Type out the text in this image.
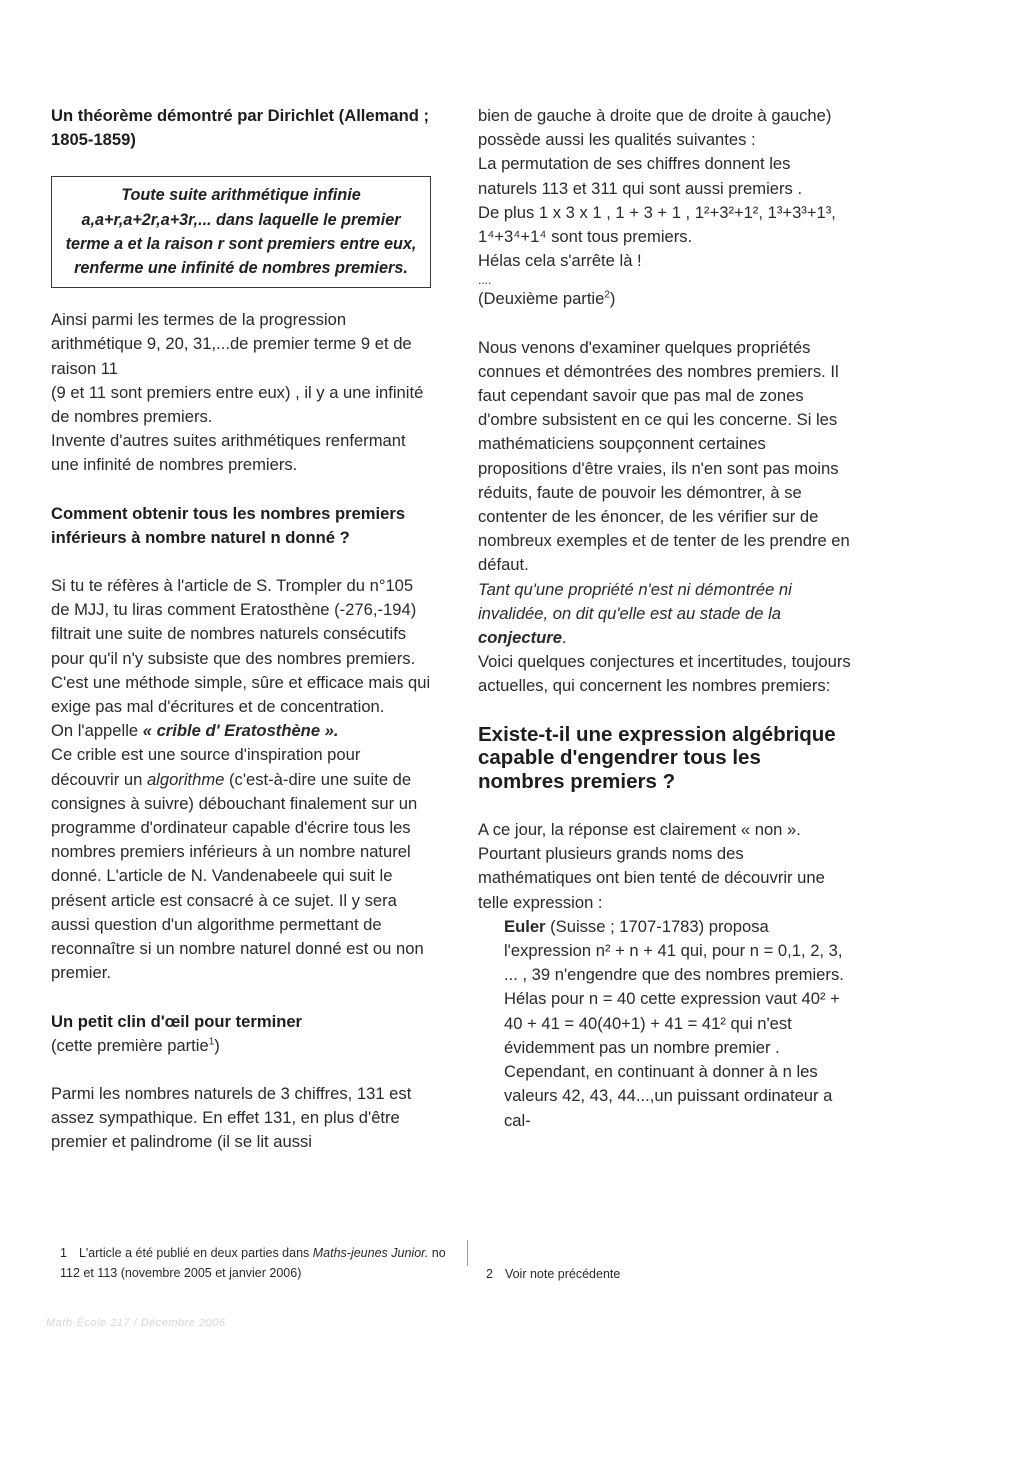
Un théorème démontré par Dirichlet (Allemand ; 1805-1859)

Toute suite arithmétique infinie
a,a+r,a+2r,a+3r,... dans laquelle le premier
terme a et la raison r sont premiers entre eux,
renferme une infinité de nombres premiers.

Ainsi parmi les termes de la progression arithmétique 9, 20, 31,...de premier terme 9 et de raison 11

(9 et 11 sont premiers entre eux) , il y a une infinité de nombres premiers.

Invente d'autres suites arithmétiques renfermant une infinité de nombres premiers.

Comment obtenir tous les nombres premiers inférieurs à nombre naturel n donné ?

Si tu te réfères à l'article de S. Trompler du n°105 de MJJ, tu liras comment Eratosthène (-276,-194) filtrait une suite de nombres naturels consécutifs pour qu'il n'y subsiste que des nombres premiers. C'est une méthode simple, sûre et efficace mais qui exige pas mal d'écritures et de concentration.

On l'appelle « crible d' Eratosthène ».

Ce crible est une source d'inspiration pour découvrir un algorithme (c'est-à-dire une suite de consignes à suivre) débouchant finalement sur un programme d'ordinateur capable d'écrire tous les nombres premiers inférieurs à un nombre naturel donné. L'article de N. Vandenabeele qui suit le présent article est consacré à ce sujet. Il y sera aussi question d'un algorithme permettant de reconnaître si un nombre naturel donné est ou non premier.

Un petit clin d'œil pour terminer

(cette première partie$^1$)

Parmi les nombres naturels de 3 chiffres, 131 est assez sympathique. En effet 131, en plus d'être premier et palindrome (il se lit aussi

bien de gauche à droite que de droite à gauche) possède aussi les qualités suivantes :

La permutation de ses chiffres donnent les naturels 113 et 311 qui sont aussi premiers .

De plus 1 x 3 x 1 , 1 + 3 + 1 , 1²+3²+1², 1³+3³+1³, 1⁴+3⁴+1⁴ sont tous premiers.

Hélas cela s'arrête là !

....

(Deuxième partie$^2$)

Nous venons d'examiner quelques propriétés connues et démontrées des nombres premiers. Il faut cependant savoir que pas mal de zones d'ombre subsistent en ce qui les concerne. Si les mathématiciens soupçonnent certaines propositions d'être vraies, ils n'en sont pas moins réduits, faute de pouvoir les démontrer, à se contenter de les énoncer, de les vérifier sur de nombreux exemples et de tenter de les prendre en défaut.

Tant qu'une propriété n'est ni démontrée ni invalidée, on dit qu'elle est au stade de la conjecture.

Voici quelques conjectures et incertitudes, toujours actuelles, qui concernent les nombres premiers:

Existe-t-il une expression algébrique capable d'engendrer tous les nombres premiers ?

A ce jour, la réponse est clairement « non ». Pourtant plusieurs grands noms des mathématiques ont bien tenté de découvrir une telle expression :

Euler (Suisse ; 1707-1783) proposa l'expression n² + n + 41 qui, pour n = 0,1, 2, 3, ... , 39 n'engendre que des nombres premiers. Hélas pour n = 40 cette expression vaut 40² + 40 + 41 = 40(40+1) + 41 = 41² qui n'est évidemment pas un nombre premier . Cependant, en continuant à donner à n les valeurs 42, 43, 44...,un puissant ordinateur a cal-

1 L'article a été publié en deux parties dans Maths-jeunes Junior. no 112 et 113 (novembre 2005 et janvier 2006)	2 Voir note précédente
Math-École 217 / Décembre 2006
